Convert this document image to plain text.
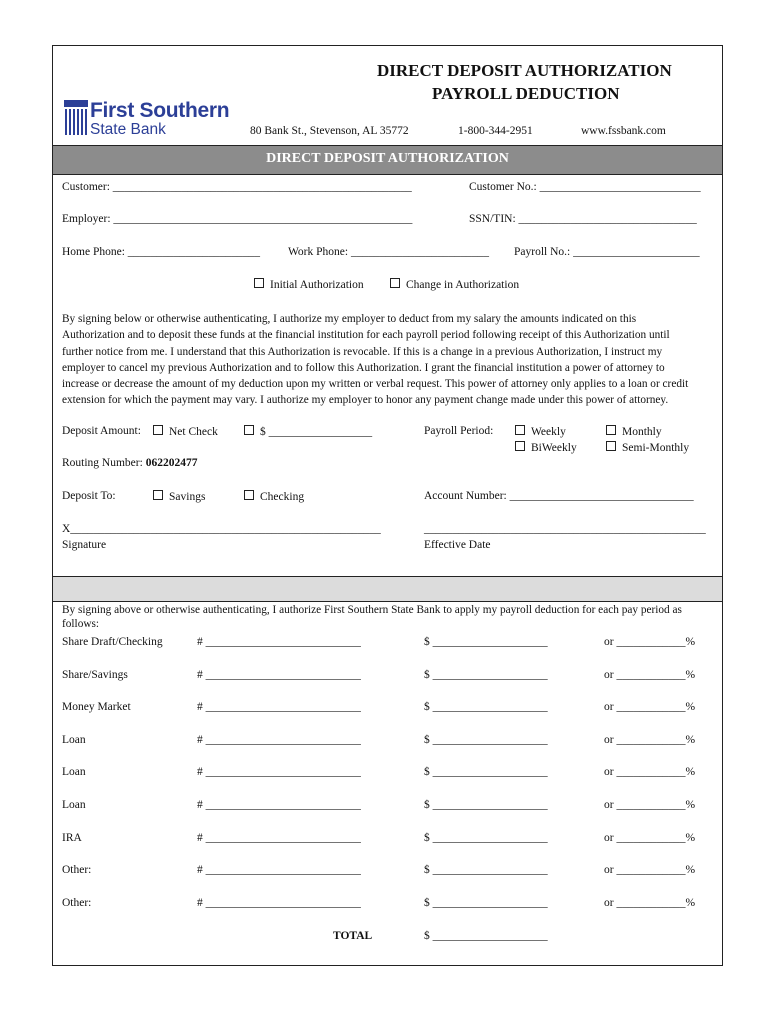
DIRECT DEPOSIT AUTHORIZATION
First Southern
State Bank
DIRECT DEPOSIT AUTHORIZATION
PAYROLL DEDUCTION
80 Bank St., Stevenson, AL 35772	1-800-344-2951	www.fssbank.com
Customer: ____________________________________________________	Customer No.: ____________________________
Employer: ____________________________________________________	SSN/TIN: _______________________________
Home Phone: _______________________ Work Phone: ________________________ Payroll No.: ______________________
Initial Authorization	Change in Authorization
By signing below or otherwise authenticating, I authorize my employer to deduct from my salary the amounts indicated on this Authorization and to deposit these funds at the financial institution for each payroll period following receipt of this Authorization until further notice from me. I understand that this Authorization is revocable. If this is a change in a previous Authorization, I instruct my employer to cancel my previous Authorization and to follow this Authorization. I grant the financial institution a power of attorney to increase or decrease the amount of my deduction upon my written or verbal request. This power of attorney only applies to a loan or credit extension for which the payment may vary. I authorize my employer to honor any payment change made under this power of attorney.
Deposit Amount:	Net Check	$ __________________	Payroll Period:	Weekly	Monthly
BiWeekly	Semi-Monthly
Routing Number: 062202477
Deposit To:	Savings	Checking	Account Number: ________________________________
X______________________________________________________
Signature
_________________________________________________
Effective Date
By signing above or otherwise authenticating, I authorize First Southern State Bank to apply my payroll deduction for each pay period as follows:
Share Draft/Checking	# ___________________________	$ ____________________	or ____________%
Share/Savings	# ___________________________	$ ____________________	or ____________%
Money Market	# ___________________________	$ ____________________	or ____________%
Loan	# ___________________________	$ ____________________	or ____________%
Loan	# ___________________________	$ ____________________	or ____________%
Loan	# ___________________________	$ ____________________	or ____________%
IRA	# ___________________________	$ ____________________	or ____________%
Other:	# ___________________________	$ ____________________	or ____________%
Other:	# ___________________________	$ ____________________	or ____________%
TOTAL	$ ____________________
